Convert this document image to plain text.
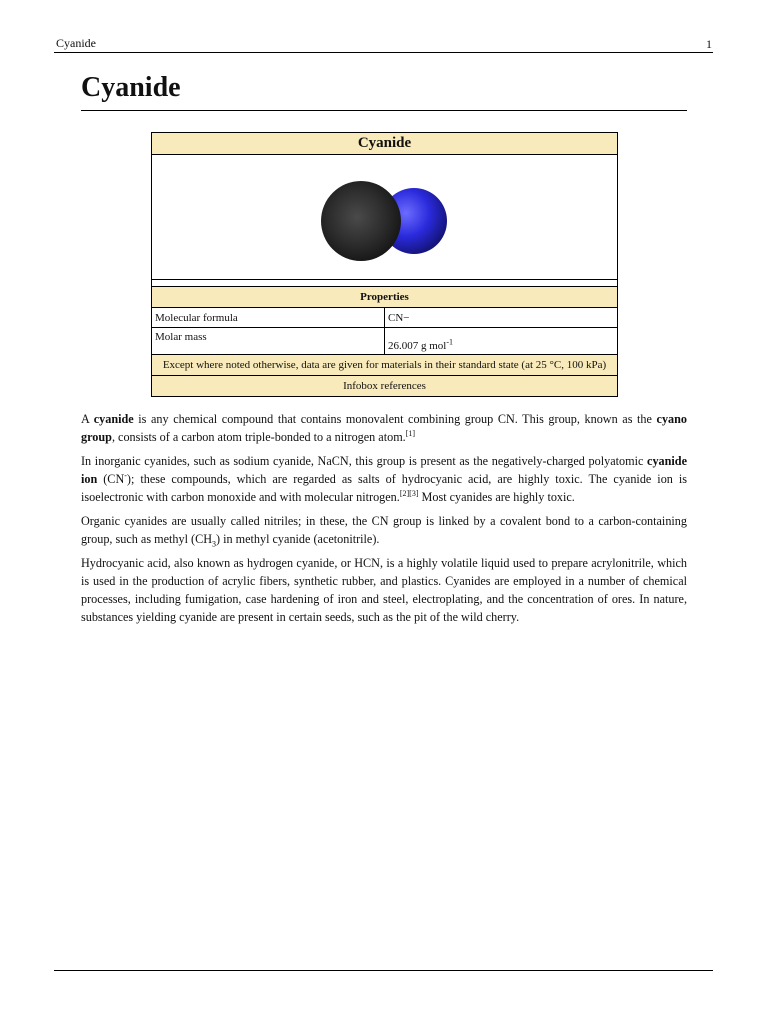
Cyanide	1
Cyanide
Cyanide	

Properties	
Molecular formula	CN−
Molar mass	26.007 g mol$^{-1}$
Except where noted otherwise, data are given for materials in their standard state (at 25 °C, 100 kPa)	
Infobox references	

A cyanide is any chemical compound that contains monovalent combining group CN. This group, known as the cyano group, consists of a carbon atom triple-bonded to a nitrogen atom.[1]

In inorganic cyanides, such as sodium cyanide, NaCN, this group is present as the negatively-charged polyatomic cyanide ion (CN-); these compounds, which are regarded as salts of hydrocyanic acid, are highly toxic. The cyanide ion is isoelectronic with carbon monoxide and with molecular nitrogen.[2][3] Most cyanides are highly toxic.

Organic cyanides are usually called nitriles; in these, the CN group is linked by a covalent bond to a carbon-containing group, such as methyl $(CH_3)$ in methyl cyanide (acetonitrile).

Hydrocyanic acid, also known as hydrogen cyanide, or HCN, is a highly volatile liquid used to prepare acrylonitrile, which is used in the production of acrylic fibers, synthetic rubber, and plastics. Cyanides are employed in a number of chemical processes, including fumigation, case hardening of iron and steel, electroplating, and the concentration of ores. In nature, substances yielding cyanide are present in certain seeds, such as the pit of the wild cherry.
